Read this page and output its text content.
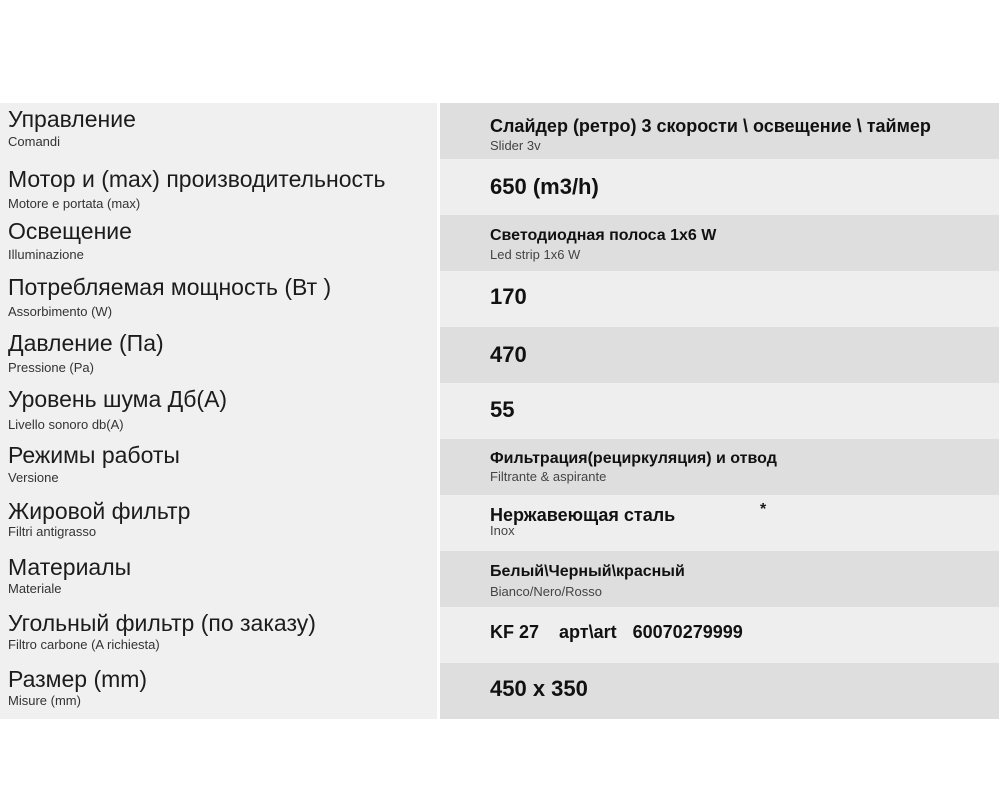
Управление
Comandi
Слайдер (ретро) 3 скорости \ освещение \ таймер
Slider 3v
Мотор и (max) производительность
Motore e portata (max)
650 (m3/h)
Освещение
Illuminazione
Светодиодная полоса 1х6 W
Led strip 1x6 W
Потребляемая мощность (Вт )
Assorbimento (W)
170
Давление (Па)
Pressione (Pa)
470
Уровень шума Дб(А)
Livello sonoro db(A)
55
Режимы работы
Versione
Фильтрация(рециркуляция) и отвод
Filtrante & aspirante
Жировой фильтр
Filtri antigrasso
Нержавеющая сталь	*
Inox
Материалы
Materiale
Белый\Черный\красный
Bianco/Nero/Rosso
Угольный фильтр (по заказу)
Filtro carbone (A richiesta)
KF 27 арт\art 60070279999
Размер (mm)
Misure (mm)	450 x 350
